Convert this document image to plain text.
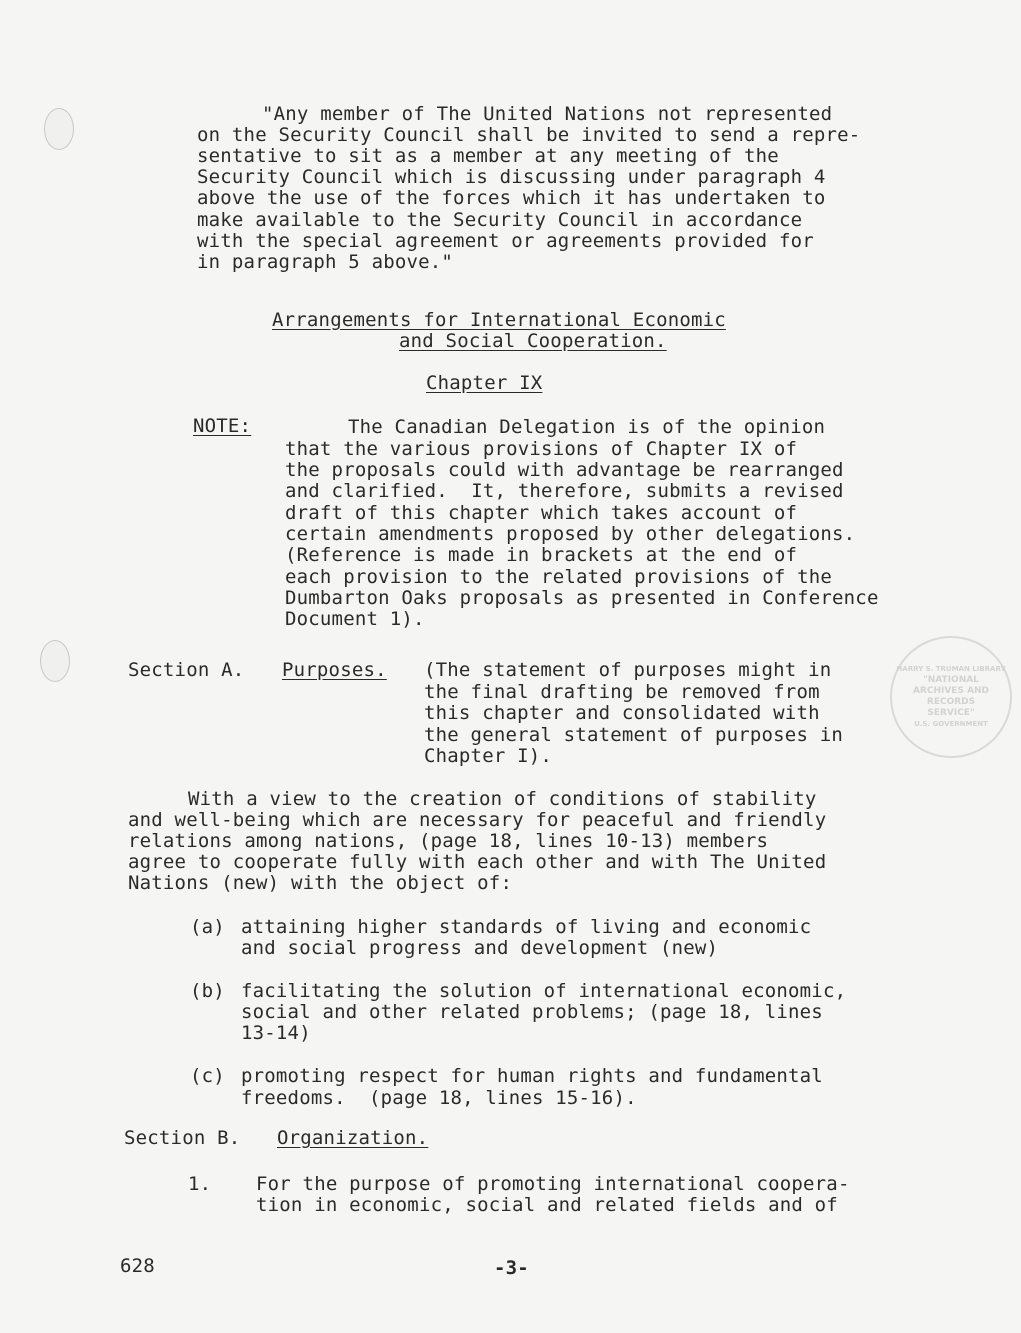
"Any member of The United Nations not represented
on the Security Council shall be invited to send a repre-
sentative to sit as a member at any meeting of the
Security Council which is discussing under paragraph 4
above the use of the forces which it has undertaken to
make available to the Security Council in accordance
with the special agreement or agreements provided for
in paragraph 5 above."
Arrangements for International Economic
and Social Cooperation.
Chapter IX
NOTE:	The Canadian Delegation is of the opinion
that the various provisions of Chapter IX of
the proposals could with advantage be rearranged
and clarified.  It, therefore, submits a revised
draft of this chapter which takes account of
certain amendments proposed by other delegations.
(Reference is made in brackets at the end of
each provision to the related provisions of the
Dumbarton Oaks proposals as presented in Conference
Document 1).
Section A. Purposes. (The statement of purposes might in
the final drafting be removed from
this chapter and consolidated with
the general statement of purposes in
Chapter I).
With a view to the creation of conditions of stability
and well-being which are necessary for peaceful and friendly
relations among nations, (page 18, lines 10-13) members
agree to cooperate fully with each other and with The United
Nations (new) with the object of:
(a) attaining higher standards of living and economic
and social progress and development (new)
(b) facilitating the solution of international economic,
social and other related problems; (page 18, lines
13-14)
(c) promoting respect for human rights and fundamental
freedoms.  (page 18, lines 15-16).
Section B. Organization.
1. For the purpose of promoting international coopera-
tion in economic, social and related fields and of
628	-3-
HARRY S. TRUMAN LIBRARY
"NATIONAL
ARCHIVES AND
RECORDS
SERVICE"
U.S. GOVERNMENT
